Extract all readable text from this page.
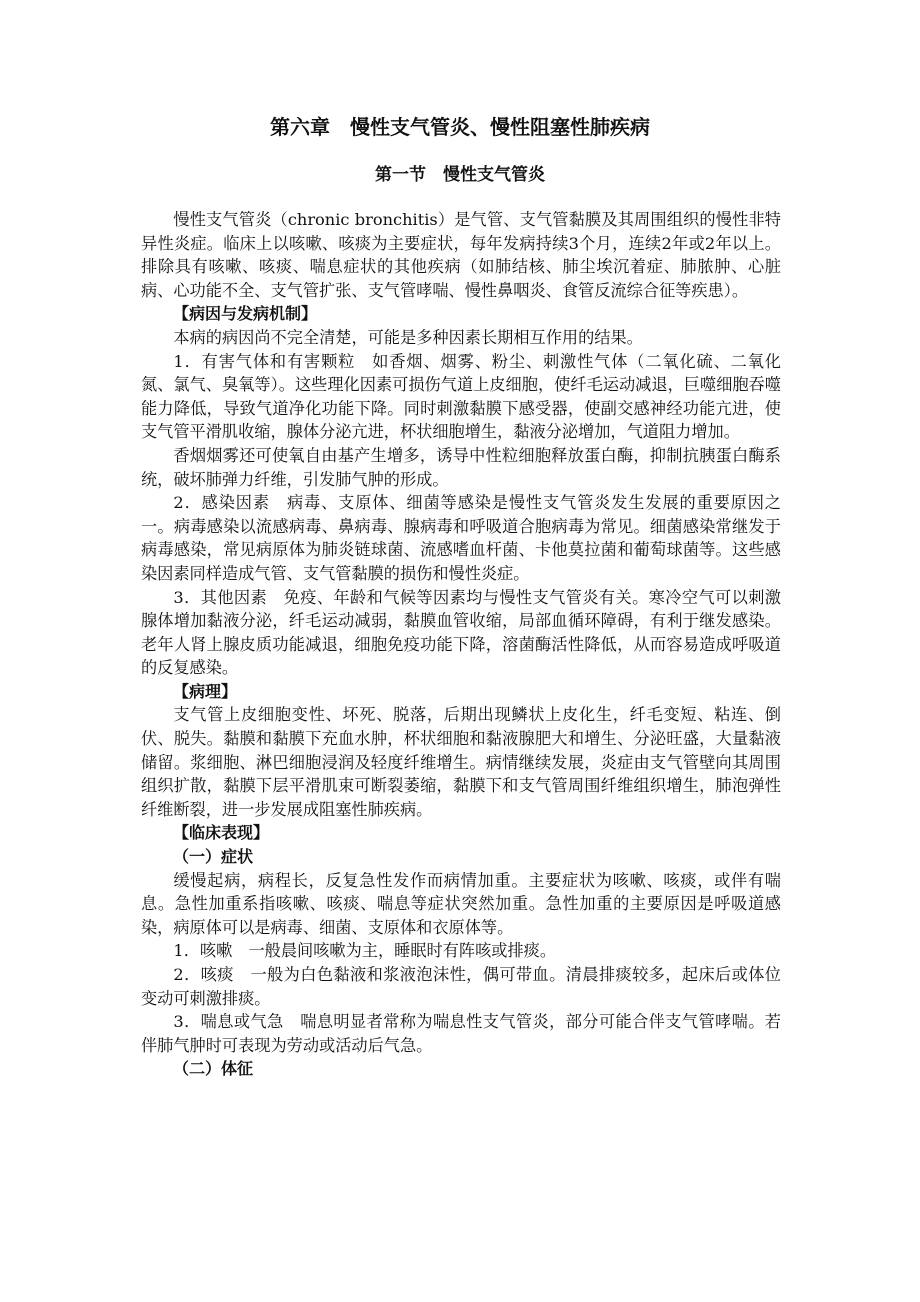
第六章　慢性支气管炎、慢性阻塞性肺疾病
第一节　慢性支气管炎

慢性支气管炎（chronic bronchitis）是气管、支气管黏膜及其周围组织的慢性非特异性炎症。临床上以咳嗽、咳痰为主要症状，每年发病持续3个月，连续2年或2年以上。排除具有咳嗽、咳痰、喘息症状的其他疾病（如肺结核、肺尘埃沉着症、肺脓肿、心脏病、心功能不全、支气管扩张、支气管哮喘、慢性鼻咽炎、食管反流综合征等疾患）。

【病因与发病机制】

本病的病因尚不完全清楚，可能是多种因素长期相互作用的结果。

1．有害气体和有害颗粒　如香烟、烟雾、粉尘、刺激性气体（二氧化硫、二氧化氮、氯气、臭氧等）。这些理化因素可损伤气道上皮细胞，使纤毛运动减退，巨噬细胞吞噬能力降低，导致气道净化功能下降。同时刺激黏膜下感受器，使副交感神经功能亢进，使支气管平滑肌收缩，腺体分泌亢进，杯状细胞增生，黏液分泌增加，气道阻力增加。

香烟烟雾还可使氧自由基产生增多，诱导中性粒细胞释放蛋白酶，抑制抗胰蛋白酶系统，破坏肺弹力纤维，引发肺气肿的形成。

2．感染因素　病毒、支原体、细菌等感染是慢性支气管炎发生发展的重要原因之一。病毒感染以流感病毒、鼻病毒、腺病毒和呼吸道合胞病毒为常见。细菌感染常继发于病毒感染，常见病原体为肺炎链球菌、流感嗜血杆菌、卡他莫拉菌和葡萄球菌等。这些感染因素同样造成气管、支气管黏膜的损伤和慢性炎症。

3．其他因素　免疫、年龄和气候等因素均与慢性支气管炎有关。寒冷空气可以刺激腺体增加黏液分泌，纤毛运动减弱，黏膜血管收缩，局部血循环障碍，有利于继发感染。老年人肾上腺皮质功能减退，细胞免疫功能下降，溶菌酶活性降低，从而容易造成呼吸道的反复感染。

【病理】

支气管上皮细胞变性、坏死、脱落，后期出现鳞状上皮化生，纤毛变短、粘连、倒伏、脱失。黏膜和黏膜下充血水肿，杯状细胞和黏液腺肥大和增生、分泌旺盛，大量黏液储留。浆细胞、淋巴细胞浸润及轻度纤维增生。病情继续发展，炎症由支气管壁向其周围组织扩散，黏膜下层平滑肌束可断裂萎缩，黏膜下和支气管周围纤维组织增生，肺泡弹性纤维断裂，进一步发展成阻塞性肺疾病。

【临床表现】
（一）症状

缓慢起病，病程长，反复急性发作而病情加重。主要症状为咳嗽、咳痰，或伴有喘息。急性加重系指咳嗽、咳痰、喘息等症状突然加重。急性加重的主要原因是呼吸道感染，病原体可以是病毒、细菌、支原体和衣原体等。

1．咳嗽　一般晨间咳嗽为主，睡眠时有阵咳或排痰。

2．咳痰　一般为白色黏液和浆液泡沫性，偶可带血。清晨排痰较多，起床后或体位变动可刺激排痰。

3．喘息或气急　喘息明显者常称为喘息性支气管炎，部分可能合伴支气管哮喘。若伴肺气肿时可表现为劳动或活动后气急。

（二）体征
